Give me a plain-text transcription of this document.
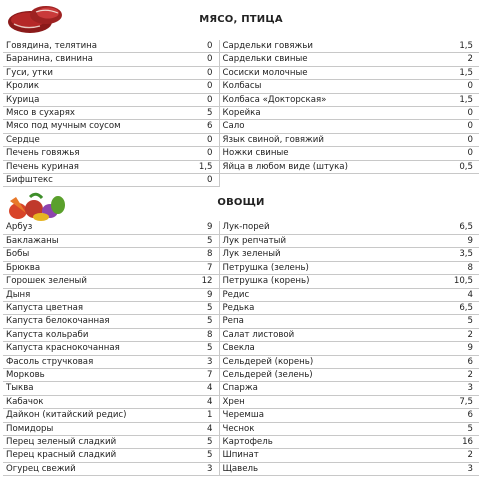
МЯСО, ПТИЦА
Говядина, телятина	0	Сардельки говяжьи	1,5
Баранина, свинина	0	Сардельки свиные	2
Гуси, утки	0	Сосиски молочные	1,5
Кролик	0	Колбасы	0
Курица	0	Колбаса «Докторская»	1,5
Мясо в сухарях	5	Корейка	0
Мясо под мучным соусом	6	Сало	0
Сердце	0	Язык свиной, говяжий	0
Печень говяжья	0	Ножки свиные	0
Печень куриная	1,5	Яйца в любом виде (штука)	0,5
Бифштекс	0		
ОВОЩИ
Арбуз	9	Лук-порей	6,5
Баклажаны	5	Лук репчатый	9
Бобы	8	Лук зеленый	3,5
Брюква	7	Петрушка (зелень)	8
Горошек зеленый	12	Петрушка (корень)	10,5
Дыня	9	Редис	4
Капуста цветная	5	Редька	6,5
Капуста белокочанная	5	Репа	5
Капуста кольраби	8	Салат листовой	2
Капуста краснокочанная	5	Свекла	9
Фасоль стручковая	3	Сельдерей (корень)	6
Морковь	7	Сельдерей (зелень)	2
Тыква	4	Спаржа	3
Кабачок	4	Хрен	7,5
Дайкон (китайский редис)	1	Черемша	6
Помидоры	4	Чеснок	5
Перец зеленый сладкий	5	Картофель	16
Перец красный сладкий	5	Шпинат	2
Огурец свежий	3	Щавель	3
